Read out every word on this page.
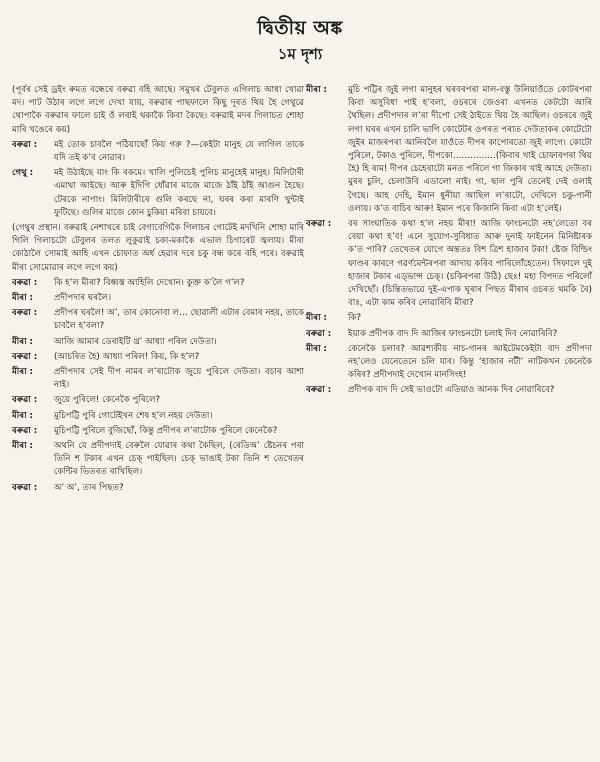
দ্বিতীয় অঙ্ক
১ম দৃশ্য
(পূৰ্বৰ সেই ড্ৰইং ৰুমত বন্ধেৰে বৰুৱা বহি আছে। সমুখৰ টেবুলত এগিলাচ আধা খোৱা মদ। পাট উঠাৰ লগে লগে দেখা যায়, বৰুৱাৰ পাছফালে কিছু দূৰত থিয় হৈ গেথুৱে থোপাকৈ বৰুৱাৰ ফালে চাই ওঁ লৰাই থকাকৈ কিবা কৈছে। বৰুৱাই মদৰ গিলাচত শোহা মাৰি খঙেৰে কয়)
বৰুৱা :	মই তোক চাবলৈ পঠিয়াছোঁ কিয় গরু ?—কেইটা মানুহ যে লাগিল তাকে যদি তই ক’ব নোৱাৰ।
গেথু :	মই উঠাইছে যাং কি ৰকমে। খালি পুলিচেই পুলিচ মানুহেই মানুহ। মিলিটাৰী এমাথা আইছে। আৰু ইদিগি ধোঁৱাৰ মাজে মাজে ঠাঁই ঠাঁই আগুন হৈছে। টেৰকে নাপাং। মিলিটাৰীৰে গুলি কৰছে না, ঘৰৰ কৰা মাৰণি খুন্টাই ফুটিছে। গুলিৰ মাজে কোন চুকিয়া মৰিবা চায়বে।
(গেথুৰ প্ৰস্থান। বৰুৱাই নেশাখৰে চাই বেগাবেগিকৈ গিলাচৰ গোটেই মদখিনি শোহা মাৰি গিলি গিলাচটো টেবুলৰ তলত লুকুৱাই চকা-মকাকৈ এভাল চিগাৰেট জ্বলায়। মীৰা কোঠালৈ সোমাই আহি এখন চোফাত অৰ্ধ হেৱাৰ দৰে চকু বন্ধ কৰে বহি পৰে। বৰুৱাই মীৰা সোমোৱাৰ লগে লগে কয়)
বৰুৱা :	কি হ’ল মীৰা? বিধ্বস্ত আহিলি দেখোন। কুক্ত ক’লৈ গ’ল?
মীৰা :	প্ৰদীপদাৰ ঘৰলৈ।
বৰুৱা :	প্ৰদীপৰ ঘৰলৈ! অ’, তাৰ কোনোবা ল… ছোৱালী এটাৰ বেমাৰ নহয়, তাকে চাবলৈ হ’বলা?
মীৰা :	আজি আমাৰ ডেৰাইটি খ্ৰ’ আধ্যা পৰিল দেউতা।
বৰুৱা :	(আচৰিত হৈ) আধ্যা পৰিল! কিয়, কি হ’ল?
মীৰা :	প্ৰদীপদাৰ সেই দীপ নামৰ ল’ৰাটোক জুয়ে পুৰিলে দেউতা। বচাৰ আশা নাই।
বৰুৱা :	জুয়ে পুৰিলে! কেনেকৈ পুৰিলে?
মীৰা :	মুচিপট্টি পুৰি গোটেইখন শেষ হ’ল নহয় দেউতা।
বৰুৱা :	মুচিপট্টি পুৰিলে বুজিছোঁ, কিন্তু প্ৰদীপৰ ল’ৰাটোক পুৰিলে কেনেকৈ?
মীৰা :	অথনি যে প্ৰদীপদাই বেৰুলৈ যোৱাৰ কথা কৈছিল, (ৰেডিঅ’ ষ্টেচনৰ পৰা তিনি শ টকাৰ এখন চেক্ পাইছিল। চেক্ ভাঙাই টকা তিনি শ তেখেতৰ কেন্টিৰ ভিতৰত ৰাখিছিল।
বৰুৱা :	অ’ অ’, তাৰ পিছত?
মীৰা :	মুচি পট্টিৰ জুই লগা মানুহৰ ঘৰবৰপৰা মাল-বস্তু উলিয়াওঁতে কোটৰপৰা কিবা অসুবিধা পাই হ’বলা, ওচৰৰে জেওৰা এখনত কেটটো আৰি থৈছিল। প্ৰদীপদাৰ ল’ৰা দীপো সেই ঠাইতে থিয় হৈ আছিল। ওচৰৰে জুই লগা ঘৰৰ এখন চালি ভাগি কোটেটৰ ওপৰত পৰাত দেউতাকৰ কোটেটো জুইৰ মাজৰপৰা আনিবলৈ যাওঁতে দীপৰ কাপোৰতো জুই লাগে। কোটো পুৰিলে, টকাও পুৰিলে, দীপকো……………(কিবাৰ খাই চোফাৰপৰা থিয় হৈ) হি ৰাম! দীপৰ চেহেৰাটো মনত পৰিলে গা জিকাৰ খাই আহে দেউতা। মুৰৰ চুলি, চেলাউবি এডালো নাই। গা, ছাল পুৰি তেনেই দেই ওলাই গৈছে। আহ দেহি, ইমান ধুনীয়া আছিল ল’ৰাটো, দেখিলে চকু-পানী ওলায়। ক’ত বাচিব আৰু! ইমান পৰে কিজানি কিবা এটা হ’লেই।
বৰুৱা :	বৰ সাংঘাতিক কথা হ’ল নহয় মীৰা! আজি ফাংচনটো নহ’লেতো বৰ বেয়া কথা হ’ব! এনে সুযোগ-সুবিধাত আৰু দুনাই ফাইনেন মিনিষ্টাৰক ক’ত পাবি? তেখেতৰ যোগে অন্ততঃ বিশ ত্ৰিশ হাজাৰ টকা! ষ্টেজ বিল্ডিং ফাণ্ডৰ কাৰণে গৱৰ্ণমেন্টৰপৰা আদায় কৰিব পাৰিলোঁহেতেন। সিফালে দুই হাজাৰ টকাৰ এড্ভান্স চেক্। (চকিৰপৰা উঠি) ছেঃ! মহা বিপদত পৰিলোঁ দেখিছোঁ। (চিন্তিতভাৱে দুই-এপাক ঘূৰাৰ পিছত মীৰাৰ ওচৰত থমকি ৰৈ) বাঃ, এটা কাম কৰিব নোৱাৰিবি মীৰা?
মীৰা :	কি?
বৰুৱা :	ইয়াক প্ৰদীপক বাদ দি আজিৰ ফাংচনটো চলাই দিব নোৱাৰিবি?
মীৰা :	কেনেকৈ চলাব? আৱশ্যকীয় নাচ-গানৰ আইটেমকেইটা বাদ প্ৰদীপদা নহ’লেও যেনেতেনে চলি যাব। কিন্তু ‘হাজাৰ নটী’ নাটিকখন কেনেকৈ কৰিব? প্ৰদীপদাই দেখোন মানসিংহ!
বৰুৱা :	প্ৰদীপক বাদ দি সেই ভাওটো এতিয়াও আনক দিব নোৱাৰিবে?
